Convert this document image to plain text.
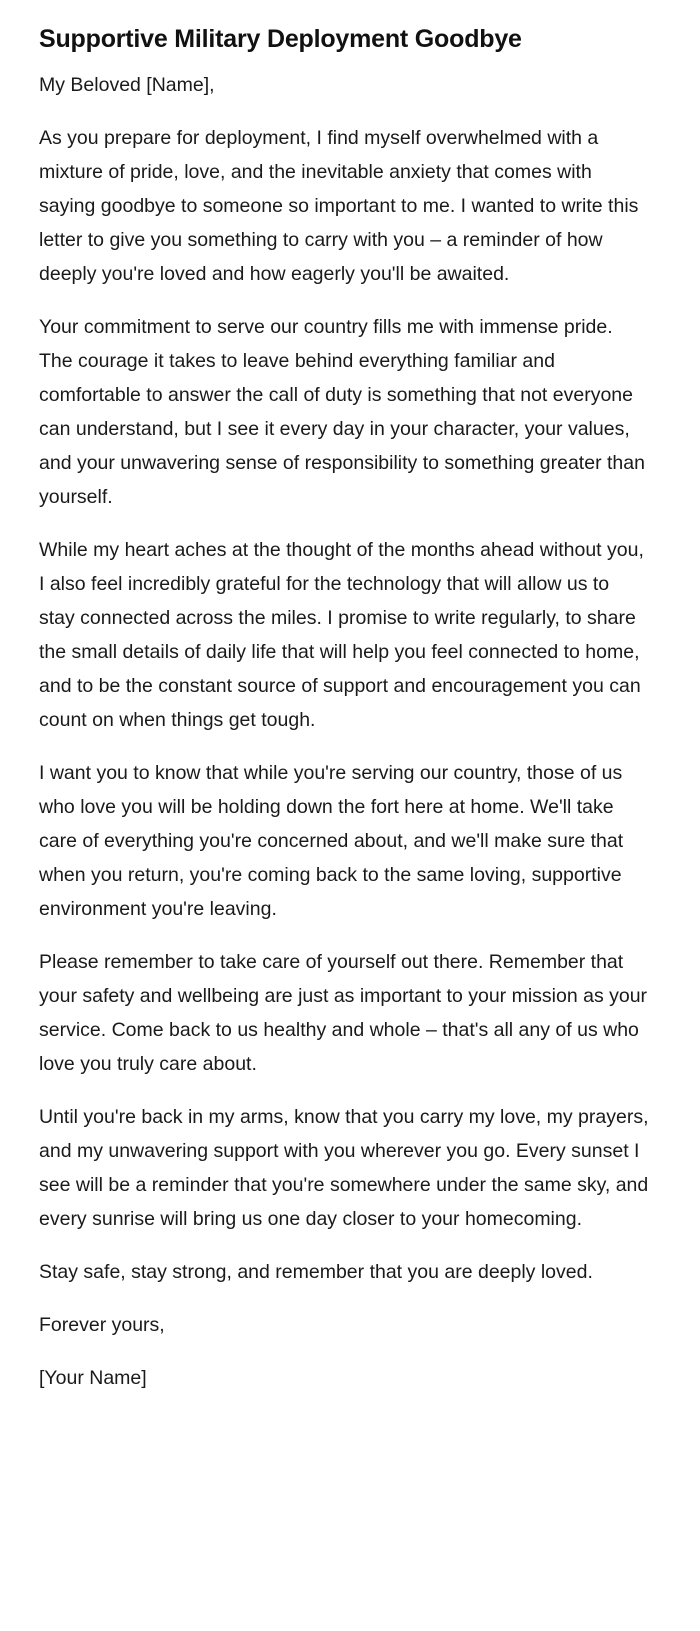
Supportive Military Deployment Goodbye

My Beloved [Name],

As you prepare for deployment, I find myself overwhelmed with a mixture of pride, love, and the inevitable anxiety that comes with saying goodbye to someone so important to me. I wanted to write this letter to give you something to carry with you – a reminder of how deeply you're loved and how eagerly you'll be awaited.

Your commitment to serve our country fills me with immense pride. The courage it takes to leave behind everything familiar and comfortable to answer the call of duty is something that not everyone can understand, but I see it every day in your character, your values, and your unwavering sense of responsibility to something greater than yourself.

While my heart aches at the thought of the months ahead without you, I also feel incredibly grateful for the technology that will allow us to stay connected across the miles. I promise to write regularly, to share the small details of daily life that will help you feel connected to home, and to be the constant source of support and encouragement you can count on when things get tough.

I want you to know that while you're serving our country, those of us who love you will be holding down the fort here at home. We'll take care of everything you're concerned about, and we'll make sure that when you return, you're coming back to the same loving, supportive environment you're leaving.

Please remember to take care of yourself out there. Remember that your safety and wellbeing are just as important to your mission as your service. Come back to us healthy and whole – that's all any of us who love you truly care about.

Until you're back in my arms, know that you carry my love, my prayers, and my unwavering support with you wherever you go. Every sunset I see will be a reminder that you're somewhere under the same sky, and every sunrise will bring us one day closer to your homecoming.

Stay safe, stay strong, and remember that you are deeply loved.

Forever yours,

[Your Name]
